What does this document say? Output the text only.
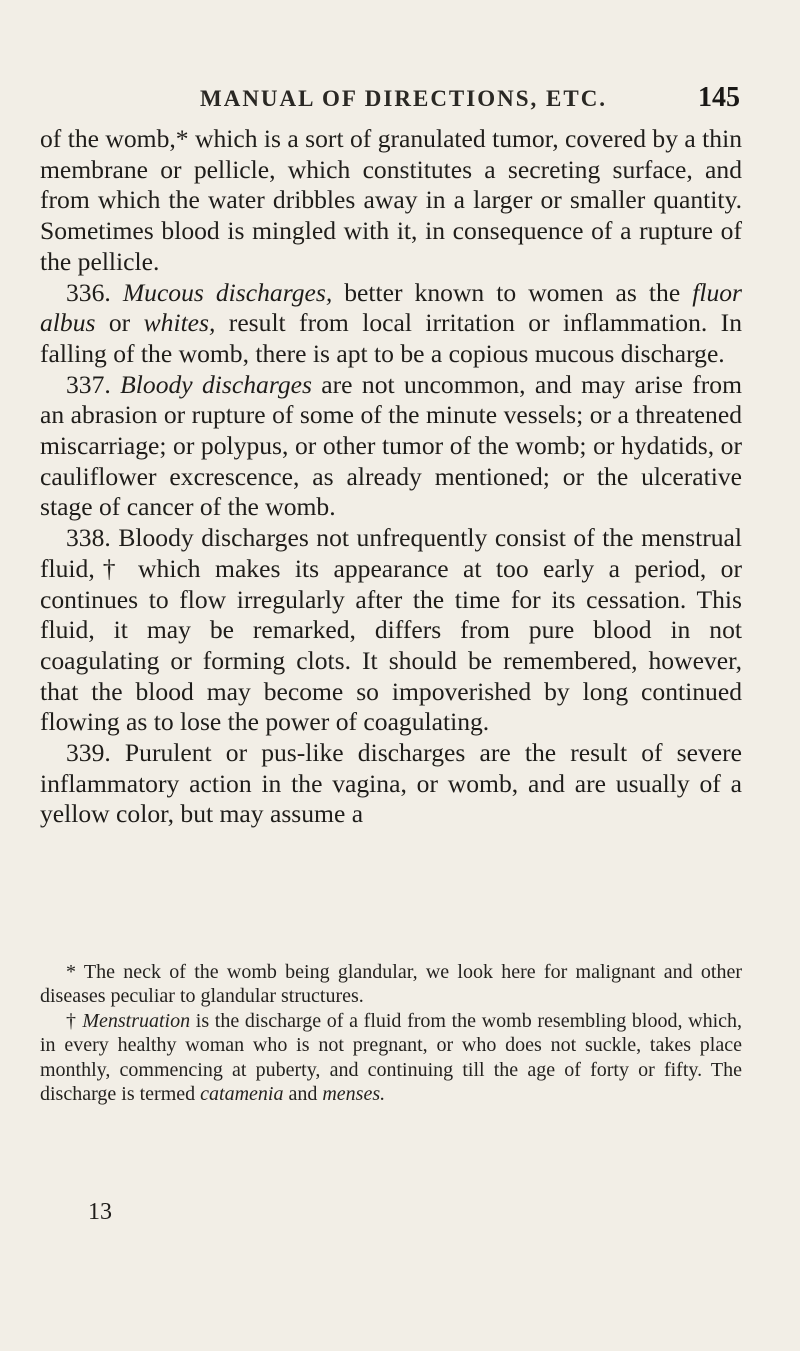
MANUAL OF DIRECTIONS, ETC.	145

of the womb,* which is a sort of granulated tumor, covered by a thin membrane or pellicle, which constitutes a secreting surface, and from which the water dribbles away in a larger or smaller quantity. Sometimes blood is mingled with it, in consequence of a rupture of the pellicle.

336. Mucous discharges, better known to women as the fluor albus or whites, result from local irritation or inflammation. In falling of the womb, there is apt to be a copious mucous discharge.

337. Bloody discharges are not uncommon, and may arise from an abrasion or rupture of some of the minute vessels; or a threatened miscarriage; or polypus, or other tumor of the womb; or hydatids, or cauliflower excrescence, as already mentioned; or the ulcerative stage of cancer of the womb.

338. Bloody discharges not unfrequently consist of the menstrual fluid,† which makes its appearance at too early a period, or continues to flow irregularly after the time for its cessation. This fluid, it may be remarked, differs from pure blood in not coagulating or forming clots. It should be remembered, however, that the blood may become so impoverished by long continued flowing as to lose the power of coagulating.

339. Purulent or pus-like discharges are the result of severe inflammatory action in the vagina, or womb, and are usually of a yellow color, but may assume a

* The neck of the womb being glandular, we look here for malignant and other diseases peculiar to glandular structures.

† Menstruation is the discharge of a fluid from the womb resembling blood, which, in every healthy woman who is not pregnant, or who does not suckle, takes place monthly, commencing at puberty, and continuing till the age of forty or fifty. The discharge is termed catamenia and menses.

13
